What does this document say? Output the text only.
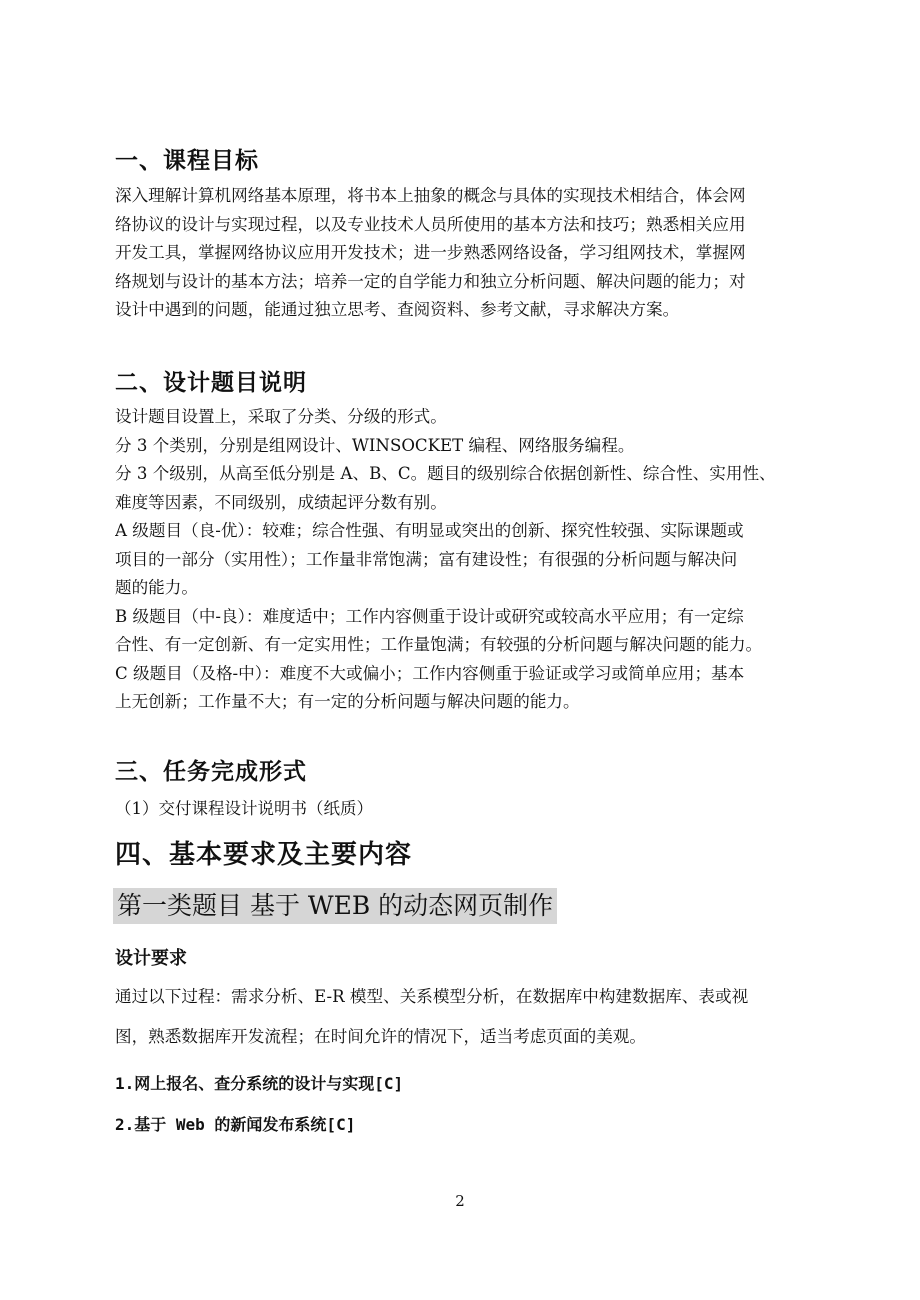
一、课程目标
深入理解计算机网络基本原理，将书本上抽象的概念与具体的实现技术相结合，体会网
络协议的设计与实现过程，以及专业技术人员所使用的基本方法和技巧；熟悉相关应用
开发工具，掌握网络协议应用开发技术；进一步熟悉网络设备，学习组网技术，掌握网
络规划与设计的基本方法；培养一定的自学能力和独立分析问题、解决问题的能力；对
设计中遇到的问题，能通过独立思考、查阅资料、参考文献，寻求解决方案。
二、设计题目说明
设计题目设置上，采取了分类、分级的形式。
分 3 个类别，分别是组网设计、WINSOCKET 编程、网络服务编程。
分 3 个级别，从高至低分别是 A、B、C。题目的级别综合依据创新性、综合性、实用性、
难度等因素，不同级别，成绩起评分数有别。
A 级题目（良-优）：较难；综合性强、有明显或突出的创新、探究性较强、实际课题或
项目的一部分（实用性）；工作量非常饱满；富有建设性；有很强的分析问题与解决问
题的能力。
B 级题目（中-良）：难度适中；工作内容侧重于设计或研究或较高水平应用；有一定综
合性、有一定创新、有一定实用性；工作量饱满；有较强的分析问题与解决问题的能力。
C 级题目（及格-中）：难度不大或偏小；工作内容侧重于验证或学习或简单应用；基本
上无创新；工作量不大；有一定的分析问题与解决问题的能力。
三、任务完成形式
（1）交付课程设计说明书（纸质）
四、基本要求及主要内容
第一类题目 基于 WEB 的动态网页制作
设计要求
通过以下过程：需求分析、E-R 模型、关系模型分析，在数据库中构建数据库、表或视
图，熟悉数据库开发流程；在时间允许的情况下，适当考虑页面的美观。
1.网上报名、查分系统的设计与实现[C]
2.基于 Web 的新闻发布系统[C]
2
